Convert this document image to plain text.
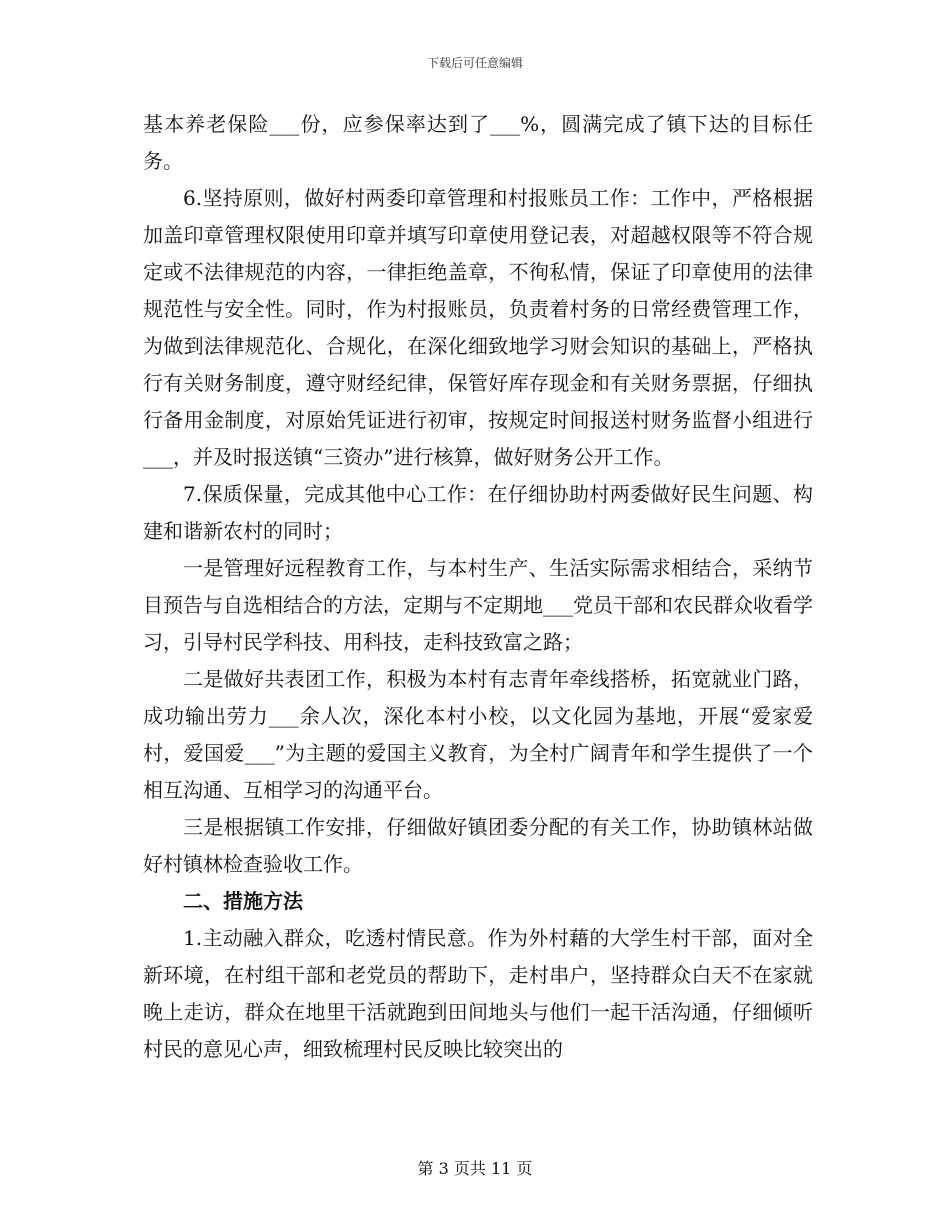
下载后可任意编辑

基本养老保险___份，应参保率达到了___%，圆满完成了镇下达的目标任务。

6.坚持原则，做好村两委印章管理和村报账员工作：工作中，严格根据加盖印章管理权限使用印章并填写印章使用登记表，对超越权限等不符合规定或不法律规范的内容，一律拒绝盖章，不徇私情，保证了印章使用的法律规范性与安全性。同时，作为村报账员，负责着村务的日常经费管理工作，为做到法律规范化、合规化，在深化细致地学习财会知识的基础上，严格执行有关财务制度，遵守财经纪律，保管好库存现金和有关财务票据，仔细执行备用金制度，对原始凭证进行初审，按规定时间报送村财务监督小组进行___，并及时报送镇“三资办”进行核算，做好财务公开工作。

7.保质保量，完成其他中心工作：在仔细协助村两委做好民生问题、构建和谐新农村的同时；

一是管理好远程教育工作，与本村生产、生活实际需求相结合，采纳节目预告与自选相结合的方法，定期与不定期地___党员干部和农民群众收看学习，引导村民学科技、用科技，走科技致富之路；

二是做好共表团工作，积极为本村有志青年牵线搭桥，拓宽就业门路，成功输出劳力___余人次，深化本村小校，以文化园为基地，开展“爱家爱村，爱国爱___”为主题的爱国主义教育，为全村广阔青年和学生提供了一个相互沟通、互相学习的沟通平台。

三是根据镇工作安排，仔细做好镇团委分配的有关工作，协助镇林站做好村镇林检查验收工作。

二、措施方法

1.主动融入群众，吃透村情民意。作为外村藉的大学生村干部，面对全新环境，在村组干部和老党员的帮助下，走村串户，坚持群众白天不在家就晚上走访，群众在地里干活就跑到田间地头与他们一起干活沟通，仔细倾听村民的意见心声，细致梳理村民反映比较突出的

第 3 页共 11 页
